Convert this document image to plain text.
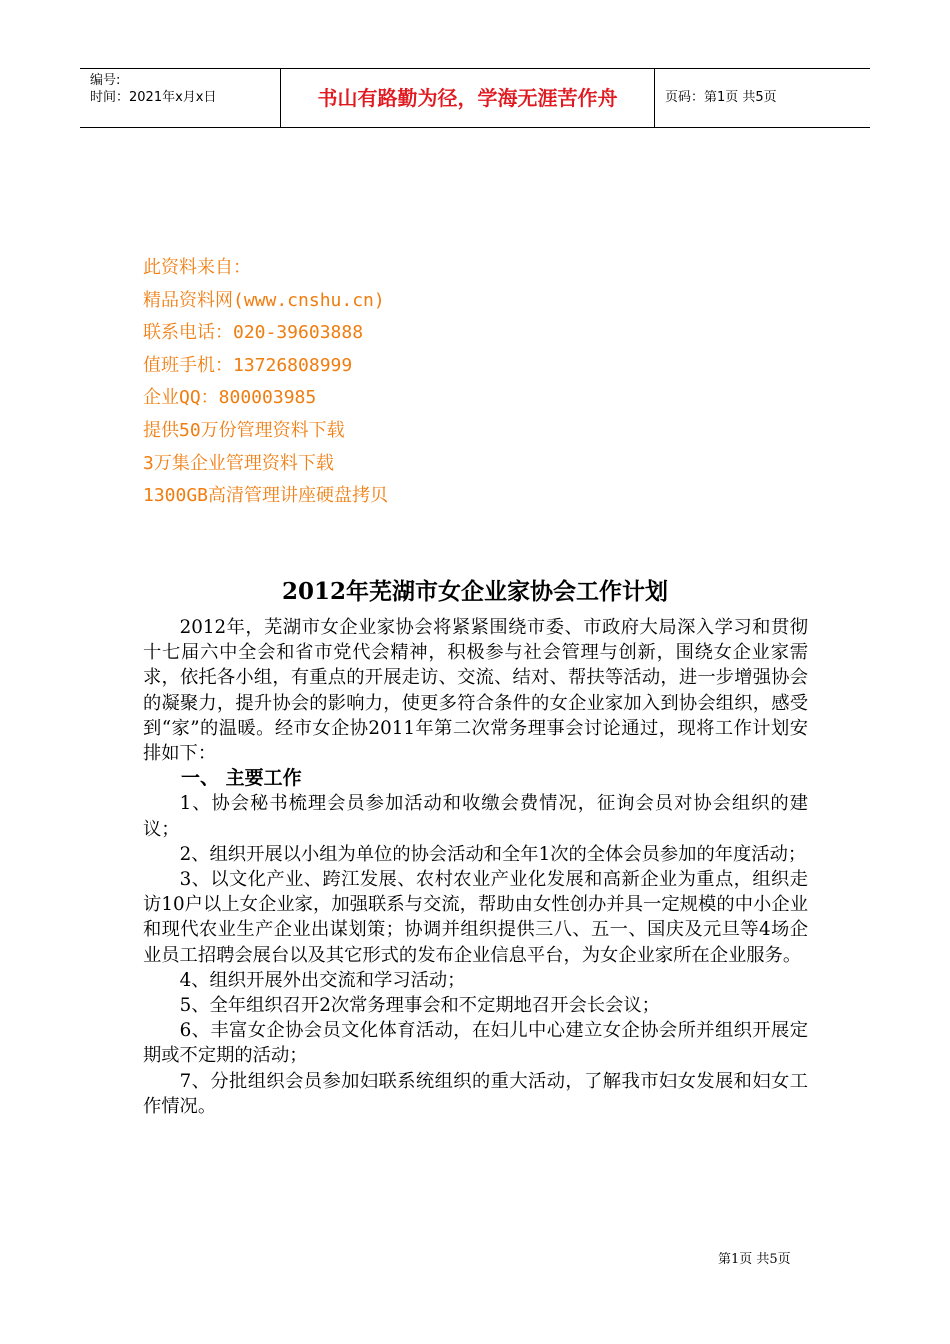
编号:
时间：2021年x月x日	书山有路勤为径，学海无涯苦作舟	页码：第1页 共5页
此资料来自：
精品资料网(www.cnshu.cn)
联系电话：020-39603888
值班手机：13726808999
企业QQ：800003985
提供50万份管理资料下载
3万集企业管理资料下载
1300GB高清管理讲座硬盘拷贝
2012年芜湖市女企业家协会工作计划

2012年，芜湖市女企业家协会将紧紧围绕市委、市政府大局深入学习和贯彻十七届六中全会和省市党代会精神，积极参与社会管理与创新，围绕女企业家需求，依托各小组，有重点的开展走访、交流、结对、帮扶等活动，进一步增强协会的凝聚力，提升协会的影响力，使更多符合条件的女企业家加入到协会组织，感受到“家”的温暖。经市女企协2011年第二次常务理事会讨论通过，现将工作计划安排如下：

一、 主要工作

1、协会秘书梳理会员参加活动和收缴会费情况，征询会员对协会组织的建议；

2、组织开展以小组为单位的协会活动和全年1次的全体会员参加的年度活动；

3、以文化产业、跨江发展、农村农业产业化发展和高新企业为重点，组织走访10户以上女企业家，加强联系与交流，帮助由女性创办并具一定规模的中小企业和现代农业生产企业出谋划策；协调并组织提供三八、五一、国庆及元旦等4场企业员工招聘会展台以及其它形式的发布企业信息平台，为女企业家所在企业服务。

4、组织开展外出交流和学习活动；

5、全年组织召开2次常务理事会和不定期地召开会长会议；

6、丰富女企协会员文化体育活动，在妇儿中心建立女企协会所并组织开展定期或不定期的活动；

7、分批组织会员参加妇联系统组织的重大活动，了解我市妇女发展和妇女工作情况。

第1页 共5页
